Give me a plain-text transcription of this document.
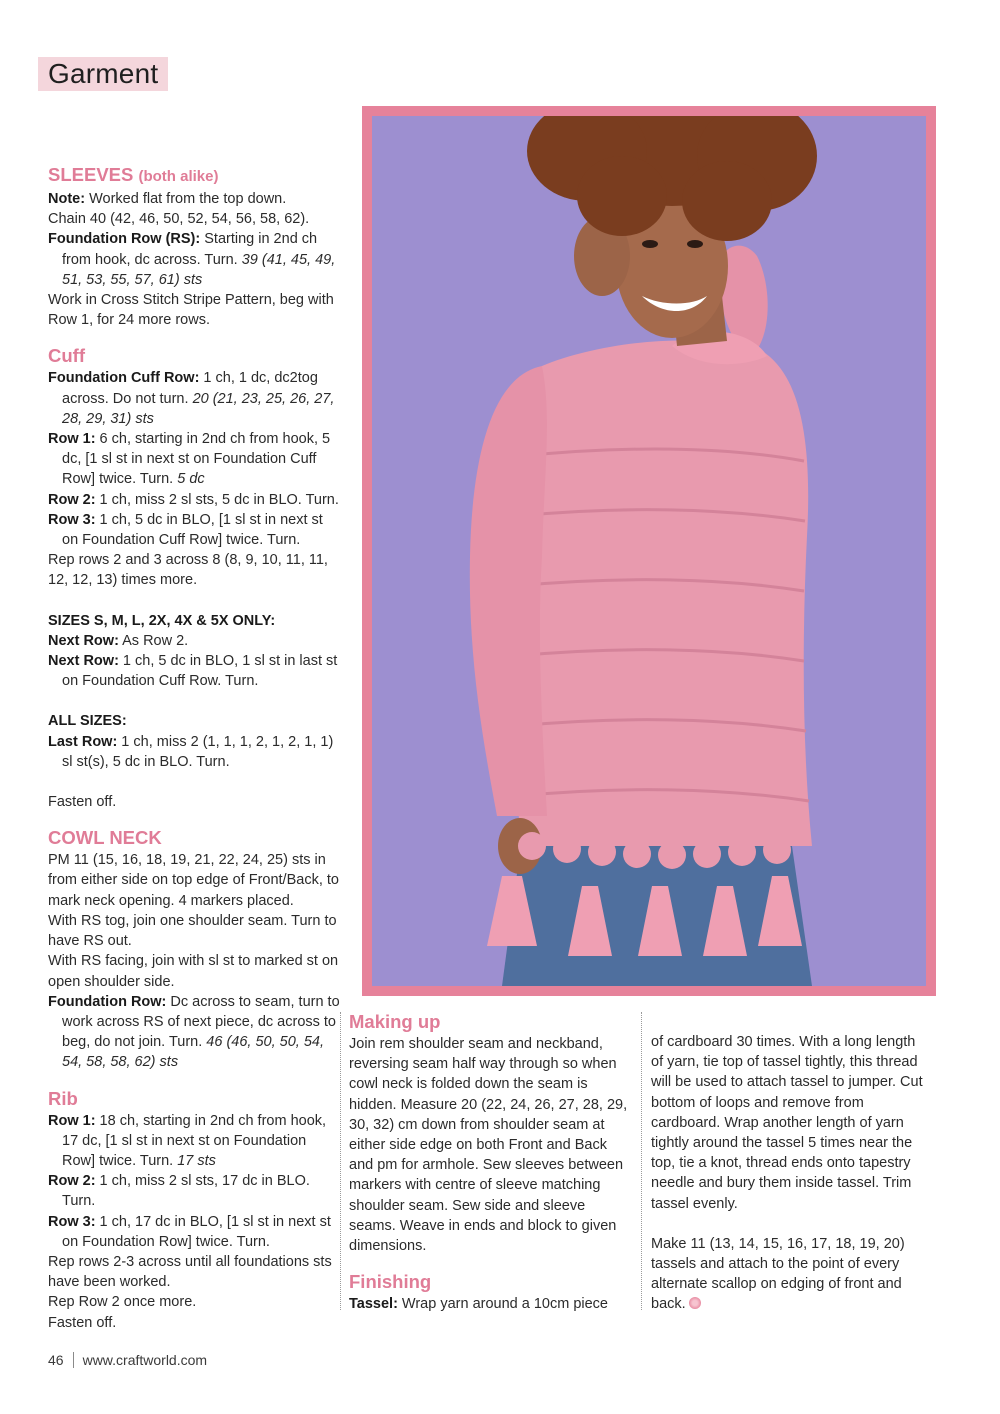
Garment
SLEEVES (both alike)

Note: Worked flat from the top down.

Chain 40 (42, 46, 50, 52, 54, 56, 58, 62).

Foundation Row (RS): Starting in 2nd ch from hook, dc across. Turn. 39 (41, 45, 49, 51, 53, 55, 57, 61) sts

Work in Cross Stitch Stripe Pattern, beg with Row 1, for 24 more rows.

Cuff

Foundation Cuff Row: 1 ch, 1 dc, dc2tog across. Do not turn. 20 (21, 23, 25, 26, 27, 28, 29, 31) sts

Row 1: 6 ch, starting in 2nd ch from hook, 5 dc, [1 sl st in next st on Foundation Cuff Row] twice. Turn. 5 dc

Row 2: 1 ch, miss 2 sl sts, 5 dc in BLO. Turn.

Row 3: 1 ch, 5 dc in BLO, [1 sl st in next st on Foundation Cuff Row] twice. Turn.

Rep rows 2 and 3 across 8 (8, 9, 10, 11, 11, 12, 12, 13) times more.

SIZES S, M, L, 2X, 4X & 5X ONLY:

Next Row: As Row 2.

Next Row: 1 ch, 5 dc in BLO, 1 sl st in last st on Foundation Cuff Row. Turn.

ALL SIZES:

Last Row: 1 ch, miss 2 (1, 1, 1, 2, 1, 2, 1, 1) sl st(s), 5 dc in BLO. Turn.

Fasten off.

COWL NECK

PM 11 (15, 16, 18, 19, 21, 22, 24, 25) sts in from either side on top edge of Front/Back, to mark neck opening. 4 markers placed.

With RS tog, join one shoulder seam. Turn to have RS out.

With RS facing, join with sl st to marked st on open shoulder side.

Foundation Row: Dc across to seam, turn to work across RS of next piece, dc across to beg, do not join. Turn. 46 (46, 50, 50, 54, 54, 58, 58, 62) sts

Rib

Row 1: 18 ch, starting in 2nd ch from hook, 17 dc, [1 sl st in next st on Foundation Row] twice. Turn. 17 sts

Row 2: 1 ch, miss 2 sl sts, 17 dc in BLO. Turn.

Row 3: 1 ch, 17 dc in BLO, [1 sl st in next st on Foundation Row] twice. Turn.

Rep rows 2-3 across until all foundations sts have been worked.

Rep Row 2 once more.

Fasten off.

Making up

Join rem shoulder seam and neckband, reversing seam half way through so when cowl neck is folded down the seam is hidden. Measure 20 (22, 24, 26, 27, 28, 29, 30, 32) cm down from shoulder seam at either side edge on both Front and Back and pm for armhole. Sew sleeves between markers with centre of sleeve matching shoulder seam. Sew side and sleeve seams. Weave in ends and block to given dimensions.

Finishing

Tassel: Wrap yarn around a 10cm piece

of cardboard 30 times. With a long length of yarn, tie top of tassel tightly, this thread will be used to attach tassel to jumper. Cut bottom of loops and remove from cardboard. Wrap another length of yarn tightly around the tassel 5 times near the top, tie a knot, thread ends onto tapestry needle and bury them inside tassel. Trim tassel evenly.

Make 11 (13, 14, 15, 16, 17, 18, 19, 20) tassels and attach to the point of every alternate scallop on edging of front and back.

46 www.craftworld.com
